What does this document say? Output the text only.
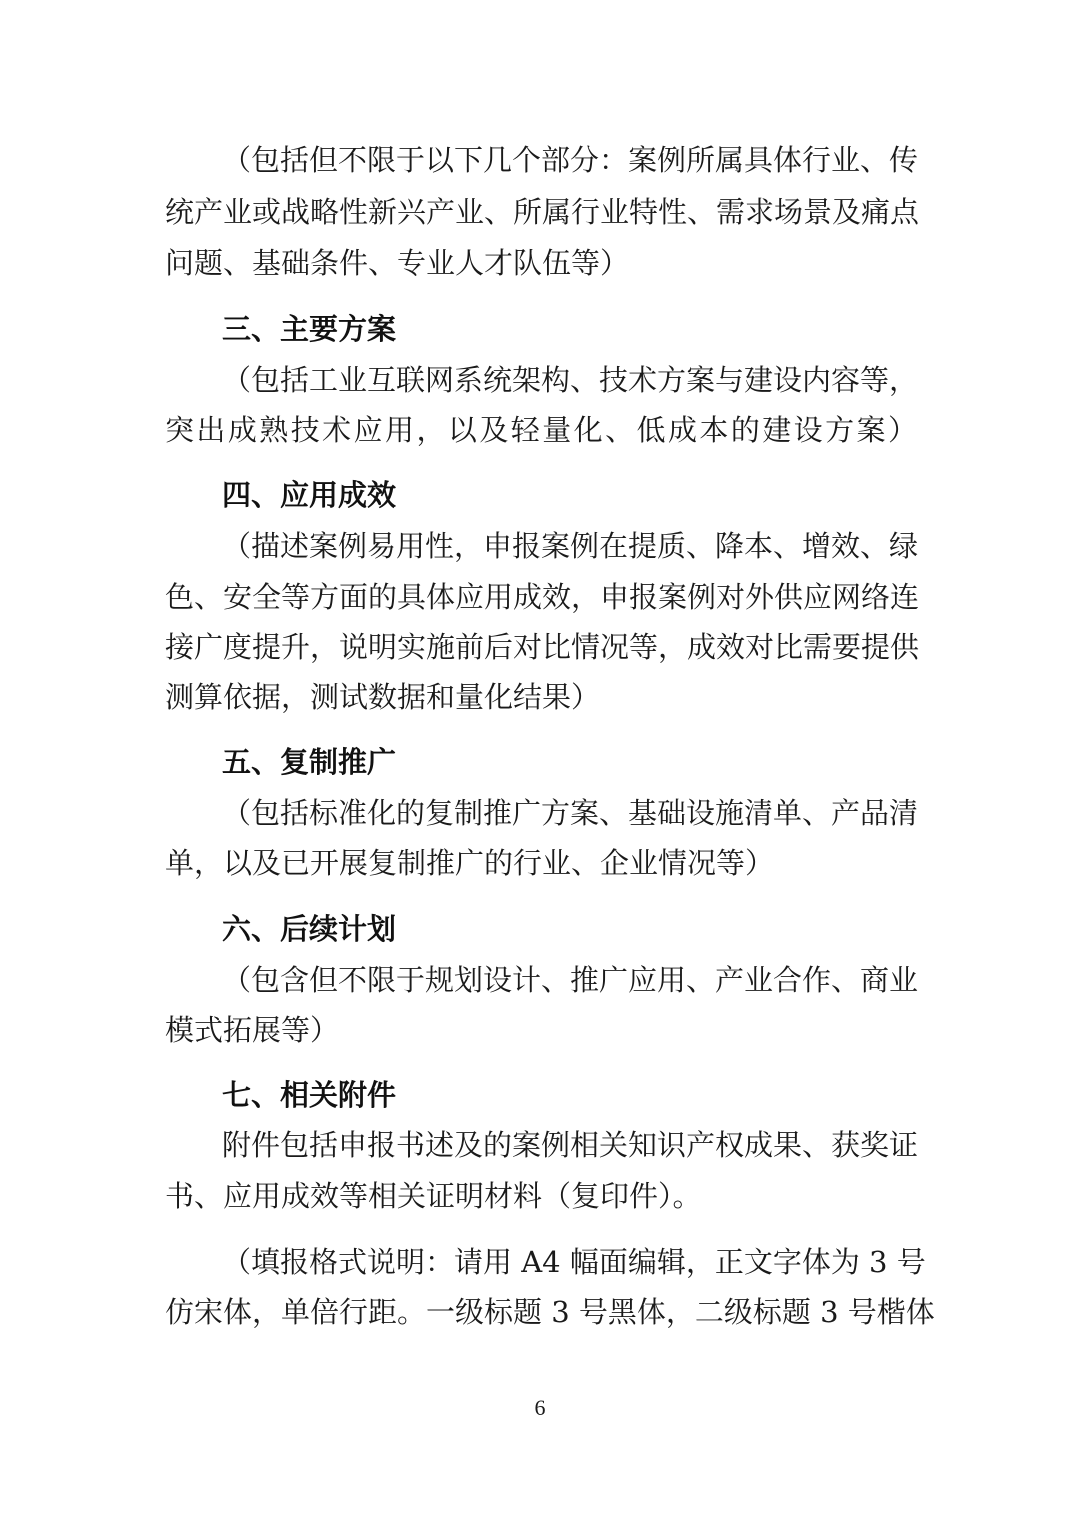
（包括但不限于以下几个部分：案例所属具体行业、传
统产业或战略性新兴产业、所属行业特性、需求场景及痛点
问题、基础条件、专业人才队伍等）
三、主要方案
（包括工业互联网系统架构、技术方案与建设内容等，
突出成熟技术应用，以及轻量化、低成本的建设方案）
四、应用成效
（描述案例易用性，申报案例在提质、降本、增效、绿
色、安全等方面的具体应用成效，申报案例对外供应网络连
接广度提升，说明实施前后对比情况等，成效对比需要提供
测算依据，测试数据和量化结果）
五、复制推广
（包括标准化的复制推广方案、基础设施清单、产品清
单，以及已开展复制推广的行业、企业情况等）
六、后续计划
（包含但不限于规划设计、推广应用、产业合作、商业
模式拓展等）
七、相关附件
附件包括申报书述及的案例相关知识产权成果、获奖证
书、应用成效等相关证明材料（复印件）。
（填报格式说明：请用 A4 幅面编辑，正文字体为 3 号
仿宋体，单倍行距。一级标题 3 号黑体，二级标题 3 号楷体
6
